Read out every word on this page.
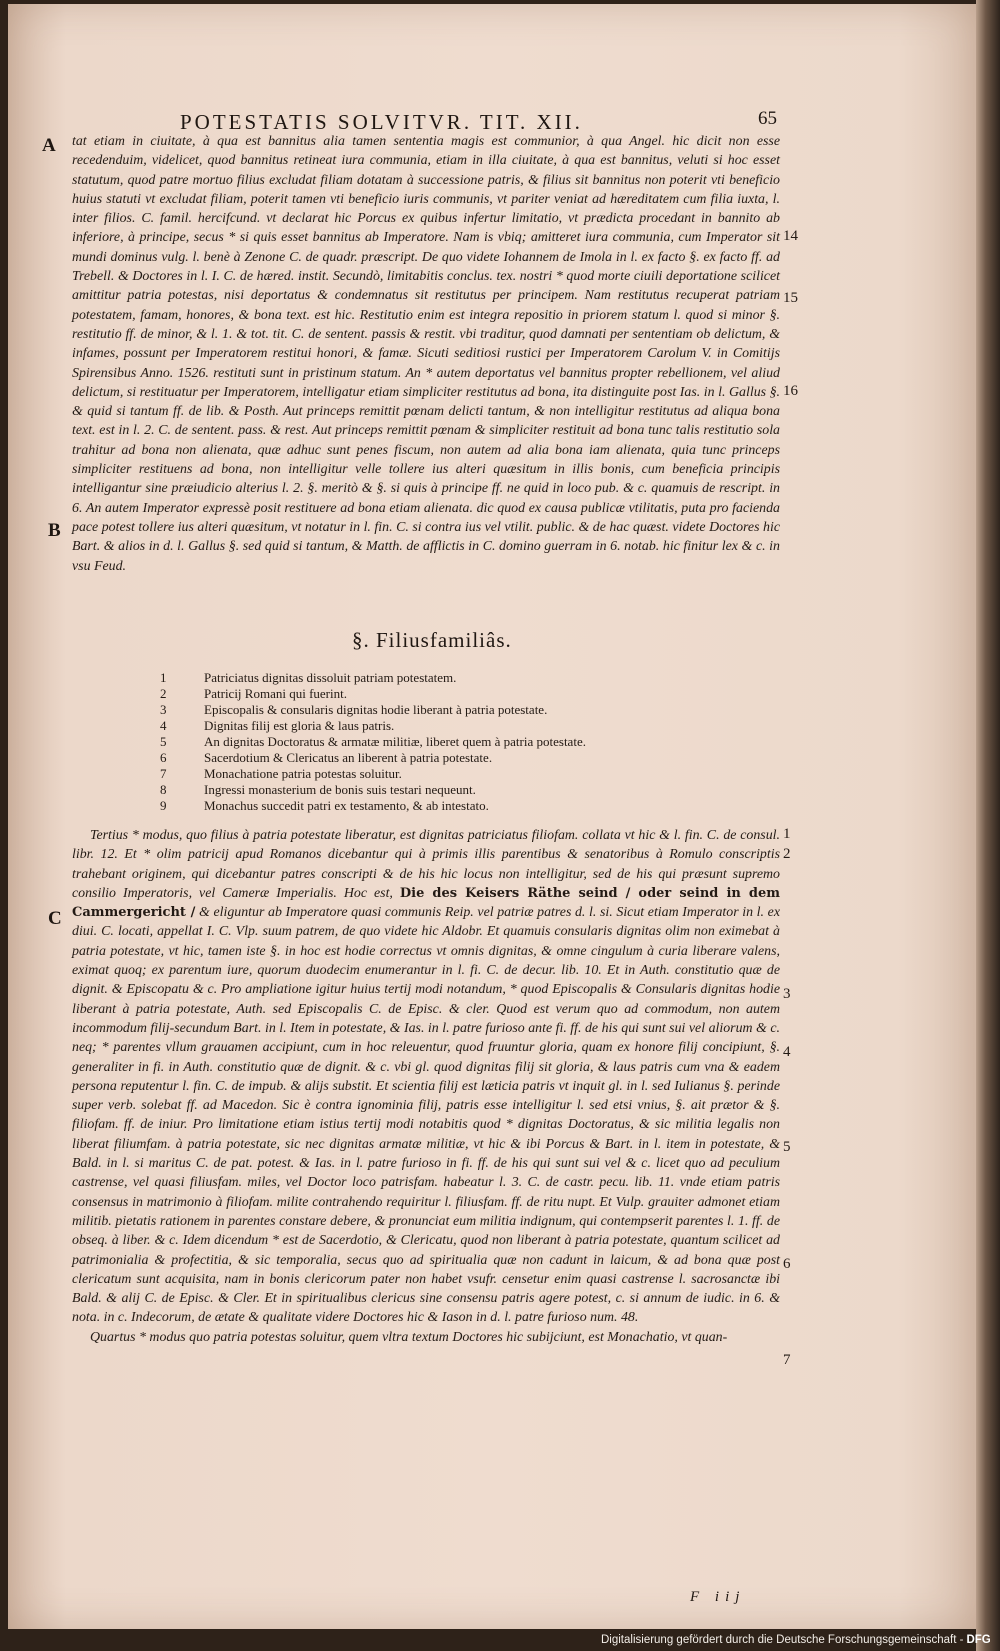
POTESTATIS SOLVITVR. TIT. XII.	65
A
B
C

tat etiam in ciuitate, à qua est bannitus alia tamen sententia magis est communior, à qua Angel. hic dicit non esse recedenduim, videlicet, quod bannitus retineat iura communia, etiam in illa ciuitate, à qua est bannitus, veluti si hoc esset statutum, quod patre mortuo filius excludat filiam dotatam à successione patris, & filius sit bannitus non poterit vti beneficio huius statuti vt excludat filiam, poterit tamen vti beneficio iuris communis, vt pariter veniat ad hæreditatem cum filia iuxta, l. inter filios. C. famil. hercifcund. vt declarat hic Porcus ex quibus infertur limitatio, vt prædicta procedant in bannito ab inferiore, à principe, secus * si quis esset bannitus ab Imperatore. Nam is vbiq; amitteret iura communia, cum Imperator sit mundi dominus vulg. l. benè à Zenone C. de quadr. præscript. De quo videte Iohannem de Imola in l. ex facto §. ex facto ff. ad Trebell. & Doctores in l. I. C. de hæred. instit. Secundò, limitabitis conclus. tex. nostri * quod morte ciuili deportatione scilicet amittitur patria potestas, nisi deportatus & condemnatus sit restitutus per principem. Nam restitutus recuperat patriam potestatem, famam, honores, & bona text. est hic. Restitutio enim est integra repositio in priorem statum l. quod si minor §. restitutio ff. de minor, & l. 1. & tot. tit. C. de sentent. passis & restit. vbi traditur, quod damnati per sententiam ob delictum, & infames, possunt per Imperatorem restitui honori, & famæ. Sicuti seditiosi rustici per Imperatorem Carolum V. in Comitijs Spirensibus Anno. 1526. restituti sunt in pristinum statum. An * autem deportatus vel bannitus propter rebellionem, vel aliud delictum, si restituatur per Imperatorem, intelligatur etiam simpliciter restitutus ad bona, ita distinguite post Ias. in l. Gallus §. & quid si tantum ff. de lib. & Posth. Aut princeps remittit pœnam delicti tantum, & non intelligitur restitutus ad aliqua bona text. est in l. 2. C. de sentent. pass. & rest. Aut princeps remittit pœnam & simpliciter restituit ad bona tunc talis restitutio sola trahitur ad bona non alienata, quæ adhuc sunt penes fiscum, non autem ad alia bona iam alienata, quia tunc princeps simpliciter restituens ad bona, non intelligitur velle tollere ius alteri quæsitum in illis bonis, cum beneficia principis intelligantur sine præiudicio alterius l. 2. §. meritò & §. si quis à principe ff. ne quid in loco pub. & c. quamuis de rescript. in 6. An autem Imperator expressè posit restituere ad bona etiam alienata. dic quod ex causa publicæ vtilitatis, puta pro facienda pace potest tollere ius alteri quæsitum, vt notatur in l. fin. C. si contra ius vel vtilit. public. & de hac quæst. videte Doctores hic Bart. & alios in d. l. Gallus §. sed quid si tantum, & Matth. de afflictis in C. domino guerram in 6. notab. hic finitur lex & c. in vsu Feud.

14
15
16
§. Filiusfamiliâs.
1	Patriciatus dignitas dissoluit patriam potestatem.
2	Patricij Romani qui fuerint.
3	Episcopalis & consularis dignitas hodie liberant à patria potestate.
4	Dignitas filij est gloria & laus patris.
5	An dignitas Doctoratus & armatæ militiæ, liberet quem à patria potestate.
6	Sacerdotium & Clericatus an liberent à patria potestate.
7	Monachatione patria potestas soluitur.
8	Ingressi monasterium de bonis suis testari nequeunt.
9	Monachus succedit patri ex testamento, & ab intestato.

Tertius * modus, quo filius à patria potestate liberatur, est dignitas patriciatus filiofam. collata vt hic & l. fin. C. de consul. libr. 12. Et * olim patricij apud Romanos dicebantur qui à primis illis parentibus & senatoribus à Romulo conscriptis trahebant originem, qui dicebantur patres conscripti & de his hic locus non intelligitur, sed de his qui præsunt supremo consilio Imperatoris, vel Cameræ Imperialis. Hoc est, Die des Keisers Räthe seind / oder seind in dem Cammergericht / & eliguntur ab Imperatore quasi communis Reip. vel patriæ patres d. l. si. Sicut etiam Imperator in l. ex diui. C. locati, appellat I. C. Vlp. suum patrem, de quo videte hic Aldobr. Et quamuis consularis dignitas olim non eximebat à patria potestate, vt hic, tamen iste §. in hoc est hodie correctus vt omnis dignitas, & omne cingulum à curia liberare valens, eximat quoq; ex parentum iure, quorum duodecim enumerantur in l. fi. C. de decur. lib. 10. Et in Auth. constitutio quæ de dignit. & Episcopatu & c. Pro ampliatione igitur huius tertij modi notandum, * quod Episcopalis & Consularis dignitas hodie liberant à patria potestate, Auth. sed Episcopalis C. de Episc. & cler. Quod est verum quo ad commodum, non autem incommodum filij-secundum Bart. in l. Item in potestate, & Ias. in l. patre furioso ante fi. ff. de his qui sunt sui vel aliorum & c. neq; * parentes vllum grauamen accipiunt, cum in hoc releuentur, quod fruuntur gloria, quam ex honore filij concipiunt, §. generaliter in fi. in Auth. constitutio quæ de dignit. & c. vbi gl. quod dignitas filij sit gloria, & laus patris cum vna & eadem persona reputentur l. fin. C. de impub. & alijs substit. Et scientia filij est læticia patris vt inquit gl. in l. sed Iulianus §. perinde super verb. solebat ff. ad Macedon. Sic è contra ignominia filij, patris esse intelligitur l. sed etsi vnius, §. ait prætor & §. filiofam. ff. de iniur. Pro limitatione etiam istius tertij modi notabitis quod * dignitas Doctoratus, & sic militia legalis non liberat filiumfam. à patria potestate, sic nec dignitas armatæ militiæ, vt hic & ibi Porcus & Bart. in l. item in potestate, & Bald. in l. si maritus C. de pat. potest. & Ias. in l. patre furioso in fi. ff. de his qui sunt sui vel & c. licet quo ad peculium castrense, vel quasi filiusfam. miles, vel Doctor loco patrisfam. habeatur l. 3. C. de castr. pecu. lib. 11. vnde etiam patris consensus in matrimonio à filiofam. milite contrahendo requiritur l. filiusfam. ff. de ritu nupt. Et Vulp. grauiter admonet etiam militib. pietatis rationem in parentes constare debere, & pronunciat eum militia indignum, qui contempserit parentes l. 1. ff. de obseq. à liber. & c. Idem dicendum * est de Sacerdotio, & Clericatu, quod non liberant à patria potestate, quantum scilicet ad patrimonialia & profectitia, & sic temporalia, secus quo ad spiritualia quæ non cadunt in laicum, & ad bona quæ post clericatum sunt acquisita, nam in bonis clericorum pater non habet vsufr. censetur enim quasi castrense l. sacrosanctæ ibi Bald. & alij C. de Episc. & Cler. Et in spiritualibus clericus sine consensu patris agere potest, c. si annum de iudic. in 6. & nota. in c. Indecorum, de ætate & qualitate videre Doctores hic & Iason in d. l. patre furioso num. 48.

Quartus * modus quo patria potestas soluitur, quem vltra textum Doctores hic subijciunt, est Monachatio, vt quan-

1
2
3
4
5
6
7
F iij
Digitalisierung gefördert durch die Deutsche Forschungsgemeinschaft - DFG
